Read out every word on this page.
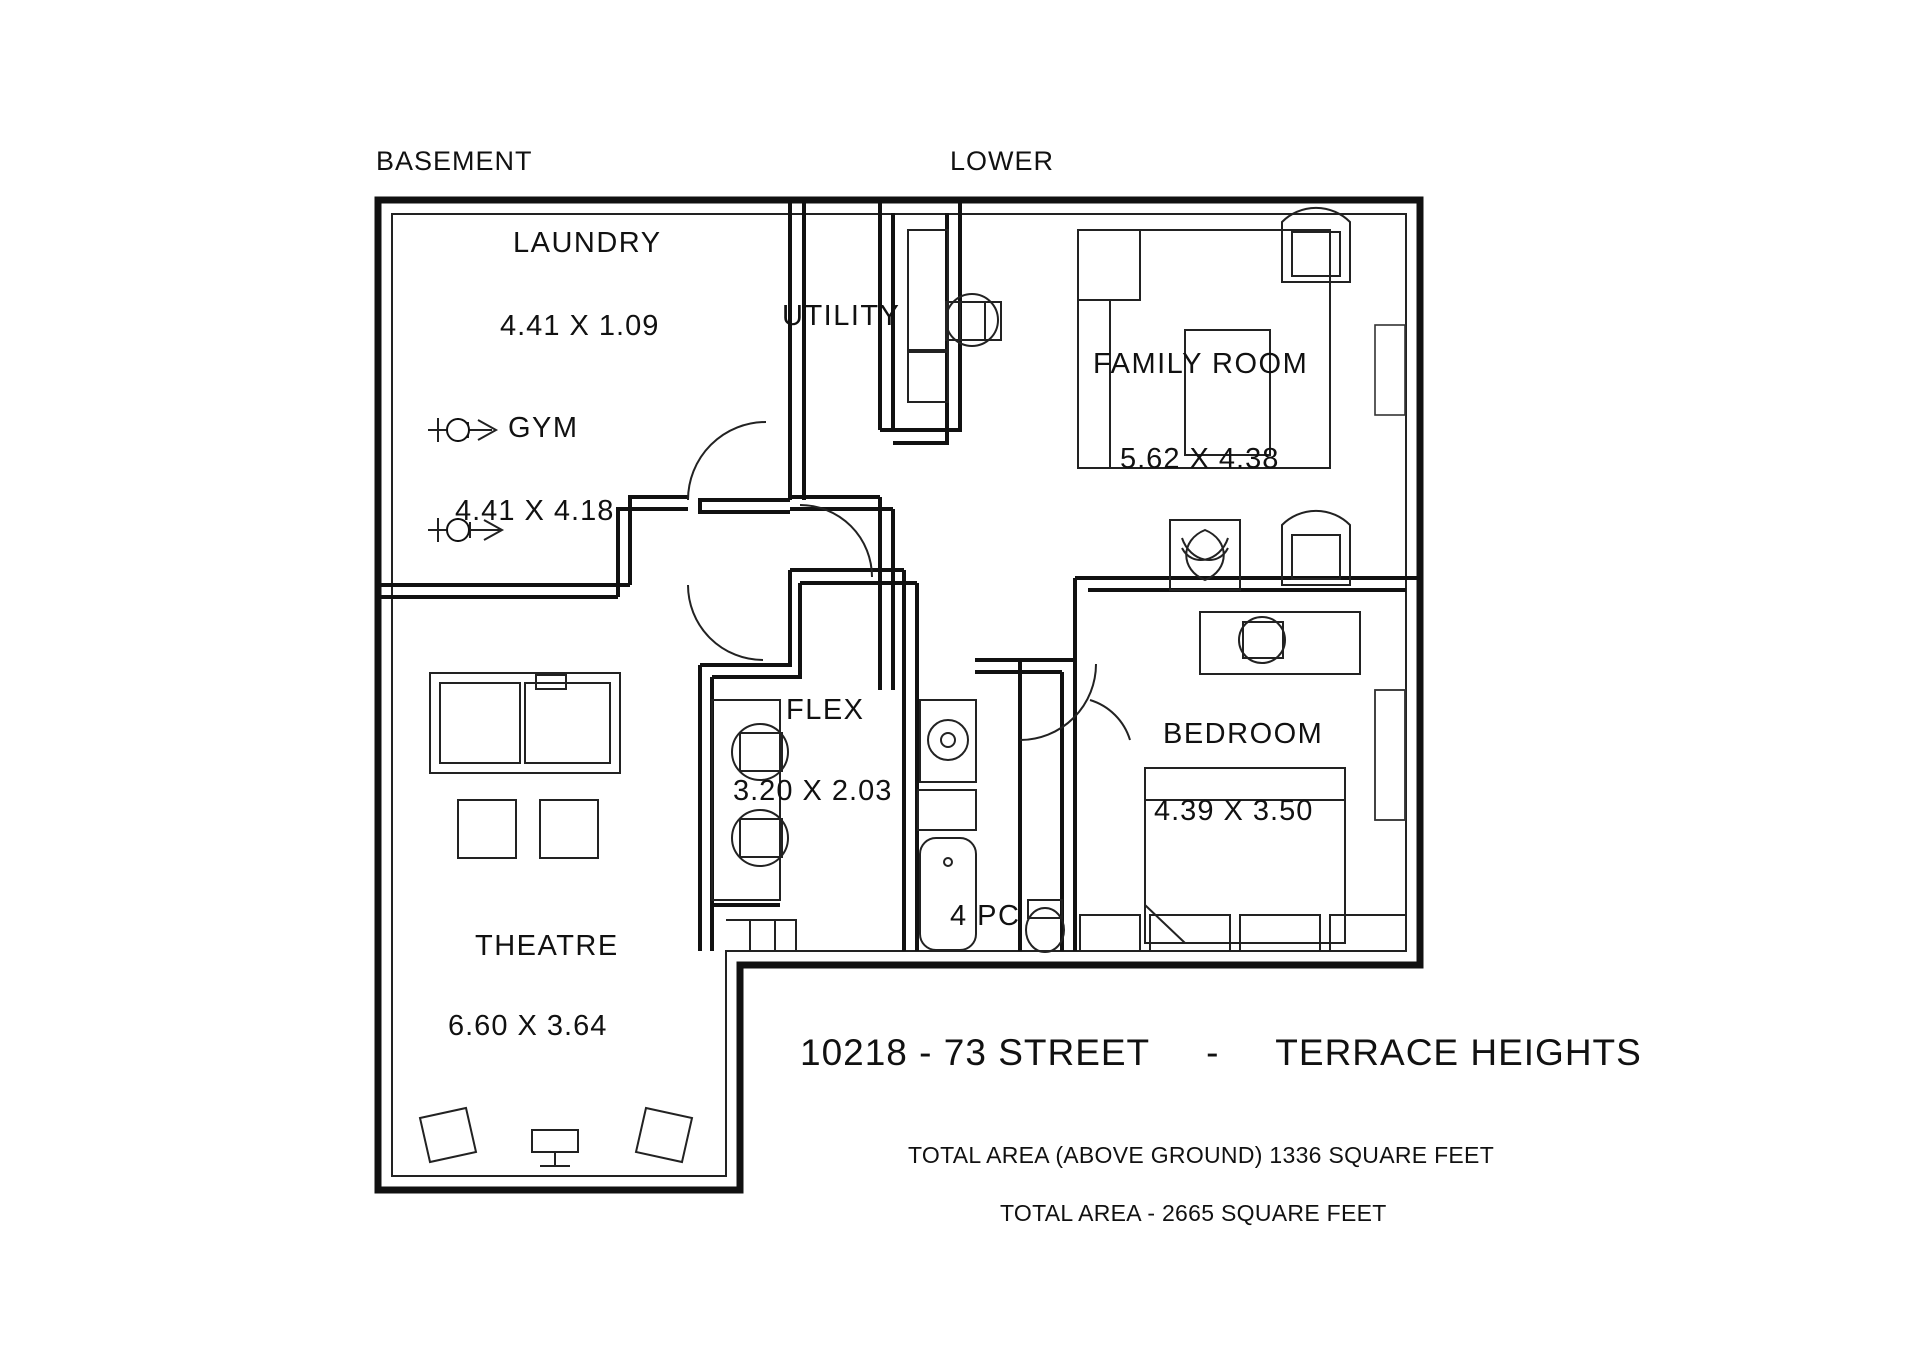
BASEMENT	LOWER
LAUNDRY
4.41 X 1.09
GYM
4.41 X 4.18
UTILITY
FAMILY ROOM
5.62 X 4.38
FLEX
3.20 X 2.03
4 PC
BEDROOM
4.39 X 3.50
THEATRE
6.60 X 3.64
10218 - 73 STREET - TERRACE HEIGHTS
TOTAL AREA (ABOVE GROUND) 1336 SQUARE FEET
TOTAL AREA - 2665 SQUARE FEET
